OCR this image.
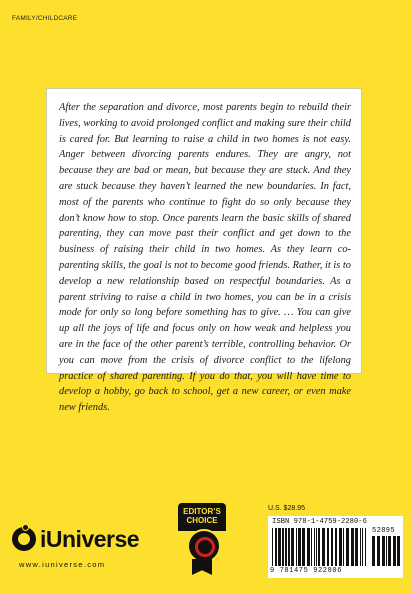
FAMILY/CHILDCARE

After the separation and divorce, most parents begin to rebuild their lives, working to avoid prolonged conflict and making sure their child is cared for. But learning to raise a child in two homes is not easy. Anger between divorcing parents endures. They are angry, not because they are bad or mean, but because they are stuck. And they are stuck because they haven’t learned the new boundaries. In fact, most of the parents who continue to fight do so only because they don’t know how to stop. Once parents learn the basic skills of shared parenting, they can move past their conflict and get down to the business of raising their child in two homes. As they learn co-parenting skills, the goal is not to become good friends. Rather, it is to develop a new relationship based on respectful boundaries. As a parent striving to raise a child in two homes, you can be in a crisis mode for only so long before something has to give. … You can give up all the joys of life and focus only on how weak and helpless you are in the face of the other parent’s terrible, controlling behavior. Or you can move from the crisis of divorce conflict to the lifelong practice of shared parenting. If you do that, you will have time to develop a hobby, go back to school, get a new career, or even make new friends.

iUniverse
www.iuniverse.com
EDITOR’S
CHOICE
U.S. $28.95
ISBN 978-1-4759-2280-6
52895
9 781475 922806
